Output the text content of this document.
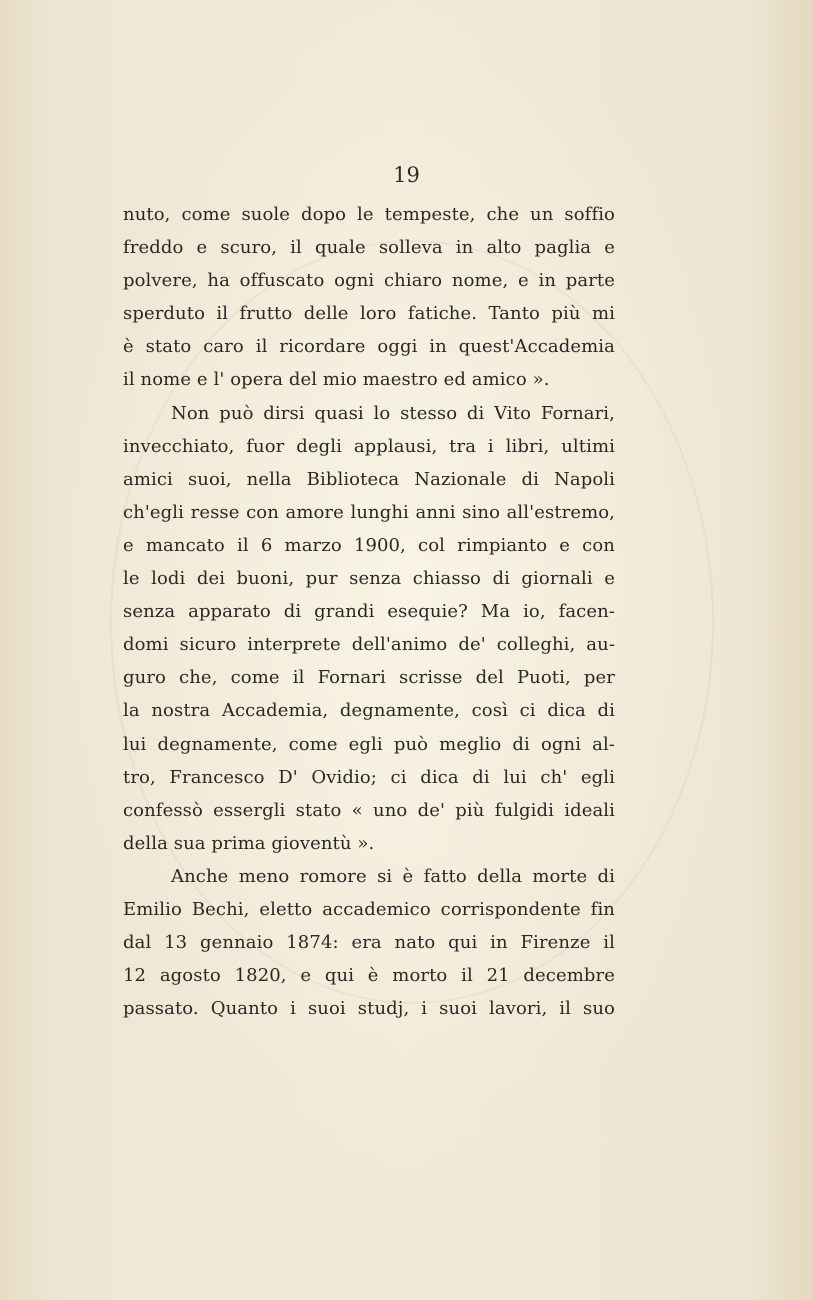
19
nuto, come suole dopo le tempeste, che un soffio
freddo e scuro, il quale solleva in alto paglia e
polvere, ha offuscato ogni chiaro nome, e in parte
sperduto il frutto delle loro fatiche. Tanto più mi
è stato caro il ricordare oggi in quest'Accademia
il nome e l' opera del mio maestro ed amico ».
Non può dirsi quasi lo stesso di Vito Fornari,
invecchiato, fuor degli applausi, tra i libri, ultimi
amici suoi, nella Biblioteca Nazionale di Napoli
ch'egli resse con amore lunghi anni sino all'estremo,
e mancato il 6 marzo 1900, col rimpianto e con
le lodi dei buoni, pur senza chiasso di giornali e
senza apparato di grandi esequie? Ma io, facen-
domi sicuro interprete dell'animo de' colleghi, au-
guro che, come il Fornari scrisse del Puoti, per
la nostra Accademia, degnamente, così ci dica di
lui degnamente, come egli può meglio di ogni al-
tro, Francesco D' Ovidio; ci dica di lui ch' egli
confessò essergli stato « uno de' più fulgidi ideali
della sua prima gioventù ».
Anche meno romore si è fatto della morte di
Emilio Bechi, eletto accademico corrispondente fin
dal 13 gennaio 1874: era nato qui in Firenze il
12 agosto 1820, e qui è morto il 21 decembre
passato. Quanto i suoi studj, i suoi lavori, il suo
